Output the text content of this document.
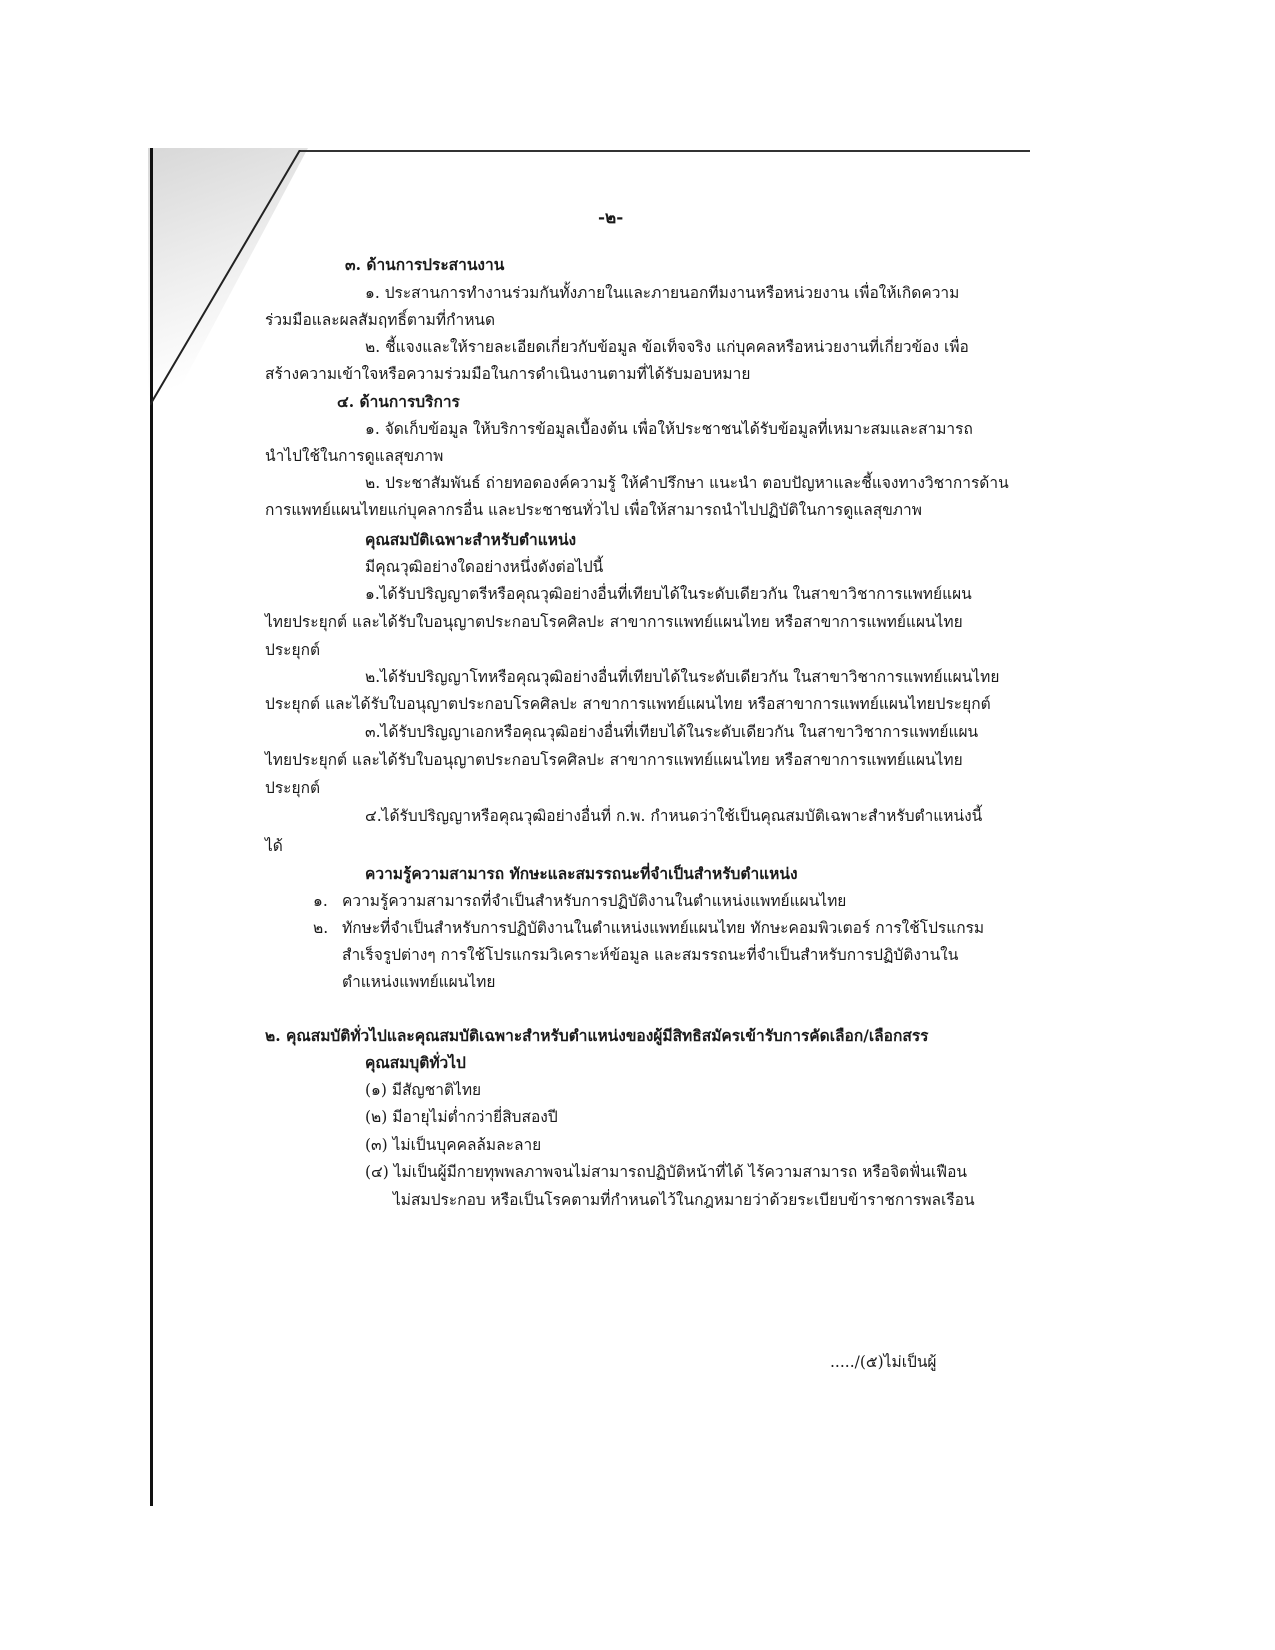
-๒-
๓. ด้านการประสานงาน
๑. ประสานการทำงานร่วมกันทั้งภายในและภายนอกทีมงานหรือหน่วยงาน เพื่อให้เกิดความ
ร่วมมือและผลสัมฤทธิ์ตามที่กำหนด
๒. ชี้แจงและให้รายละเอียดเกี่ยวกับข้อมูล ข้อเท็จจริง แก่บุคคลหรือหน่วยงานที่เกี่ยวข้อง เพื่อ
สร้างความเข้าใจหรือความร่วมมือในการดำเนินงานตามที่ได้รับมอบหมาย
๔. ด้านการบริการ
๑. จัดเก็บข้อมูล ให้บริการข้อมูลเบื้องต้น เพื่อให้ประชาชนได้รับข้อมูลที่เหมาะสมและสามารถ
นำไปใช้ในการดูแลสุขภาพ
๒. ประชาสัมพันธ์ ถ่ายทอดองค์ความรู้ ให้คำปรึกษา แนะนำ ตอบปัญหาและชี้แจงทางวิชาการด้าน
การแพทย์แผนไทยแก่บุคลากรอื่น และประชาชนทั่วไป เพื่อให้สามารถนำไปปฏิบัติในการดูแลสุขภาพ
คุณสมบัติเฉพาะสำหรับตำแหน่ง
มีคุณวุฒิอย่างใดอย่างหนึ่งดังต่อไปนี้
๑.ได้รับปริญญาตรีหรือคุณวุฒิอย่างอื่นที่เทียบได้ในระดับเดียวกัน ในสาขาวิชาการแพทย์แผน
ไทยประยุกต์ และได้รับใบอนุญาตประกอบโรคศิลปะ สาขาการแพทย์แผนไทย หรือสาขาการแพทย์แผนไทย
ประยุกต์
๒.ได้รับปริญญาโทหรือคุณวุฒิอย่างอื่นที่เทียบได้ในระดับเดียวกัน ในสาขาวิชาการแพทย์แผนไทย
ประยุกต์ และได้รับใบอนุญาตประกอบโรคศิลปะ สาขาการแพทย์แผนไทย หรือสาขาการแพทย์แผนไทยประยุกต์
๓.ได้รับปริญญาเอกหรือคุณวุฒิอย่างอื่นที่เทียบได้ในระดับเดียวกัน ในสาขาวิชาการแพทย์แผน
ไทยประยุกต์ และได้รับใบอนุญาตประกอบโรคศิลปะ สาขาการแพทย์แผนไทย หรือสาขาการแพทย์แผนไทย
ประยุกต์
๔.ได้รับปริญญาหรือคุณวุฒิอย่างอื่นที่ ก.พ. กำหนดว่าใช้เป็นคุณสมบัติเฉพาะสำหรับตำแหน่งนี้
ได้
ความรู้ความสามารถ ทักษะและสมรรถนะที่จำเป็นสำหรับตำแหน่ง
๑. ความรู้ความสามารถที่จำเป็นสำหรับการปฏิบัติงานในตำแหน่งแพทย์แผนไทย
๒. ทักษะที่จำเป็นสำหรับการปฏิบัติงานในตำแหน่งแพทย์แผนไทย ทักษะคอมพิวเตอร์ การใช้โปรแกรม
สำเร็จรูปต่างๆ การใช้โปรแกรมวิเคราะห์ข้อมูล และสมรรถนะที่จำเป็นสำหรับการปฏิบัติงานใน
ตำแหน่งแพทย์แผนไทย
๒. คุณสมบัติทั่วไปและคุณสมบัติเฉพาะสำหรับตำแหน่งของผู้มีสิทธิสมัครเข้ารับการคัดเลือก/เลือกสรร
คุณสมบุติทั่วไป
(๑) มีสัญชาติไทย
(๒) มีอายุไม่ต่ำกว่ายี่สิบสองปี
(๓) ไม่เป็นบุคคลล้มละลาย
(๔) ไม่เป็นผู้มีกายทุพพลภาพจนไม่สามารถปฏิบัติหน้าที่ได้ ไร้ความสามารถ หรือจิตฟั่นเฟือน
ไม่สมประกอบ หรือเป็นโรคตามที่กำหนดไว้ในกฎหมายว่าด้วยระเบียบข้าราชการพลเรือน
...../(๕)ไม่เป็นผู้
